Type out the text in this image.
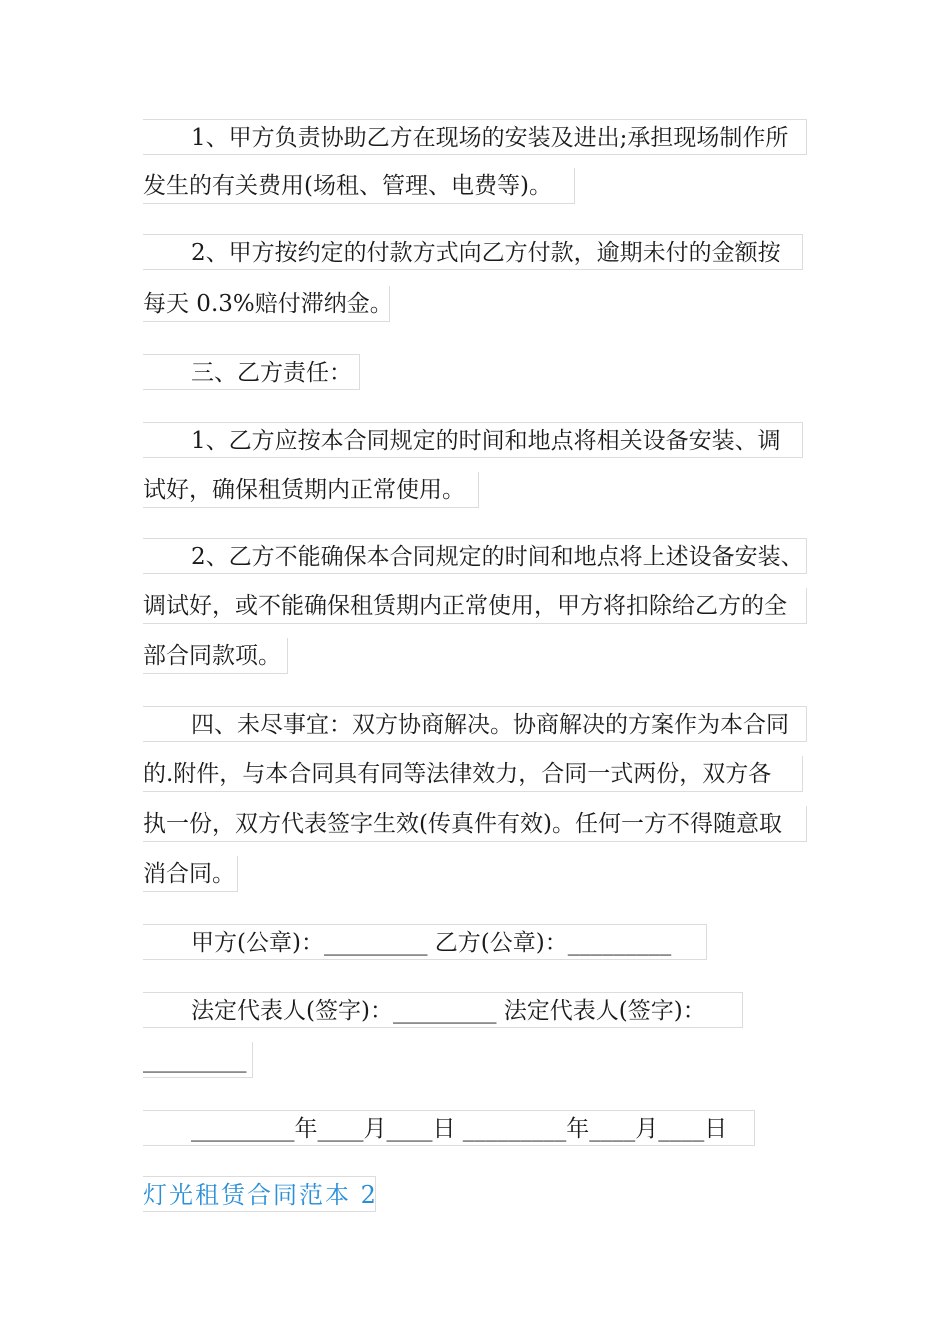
1、甲方负责协助乙方在现场的安装及进出;承担现场制作所
发生的有关费用(场租、管理、电费等)。
2、甲方按约定的付款方式向乙方付款，逾期未付的金额按
每天 0.3%赔付滞纳金。
三、乙方责任：
1、乙方应按本合同规定的时间和地点将相关设备安装、调
试好，确保租赁期内正常使用。
2、乙方不能确保本合同规定的时间和地点将上述设备安装、
调试好，或不能确保租赁期内正常使用，甲方将扣除给乙方的全
部合同款项。
四、未尽事宜：双方协商解决。协商解决的方案作为本合同
的.附件，与本合同具有同等法律效力，合同一式两份，双方各
执一份，双方代表签字生效(传真件有效)。任何一方不得随意取
消合同。
甲方(公章)：_________ 乙方(公章)：_________
法定代表人(签字)：_________ 法定代表人(签字)：
_________
_________年____月____日 _________年____月____日
灯光租赁合同范本 2
